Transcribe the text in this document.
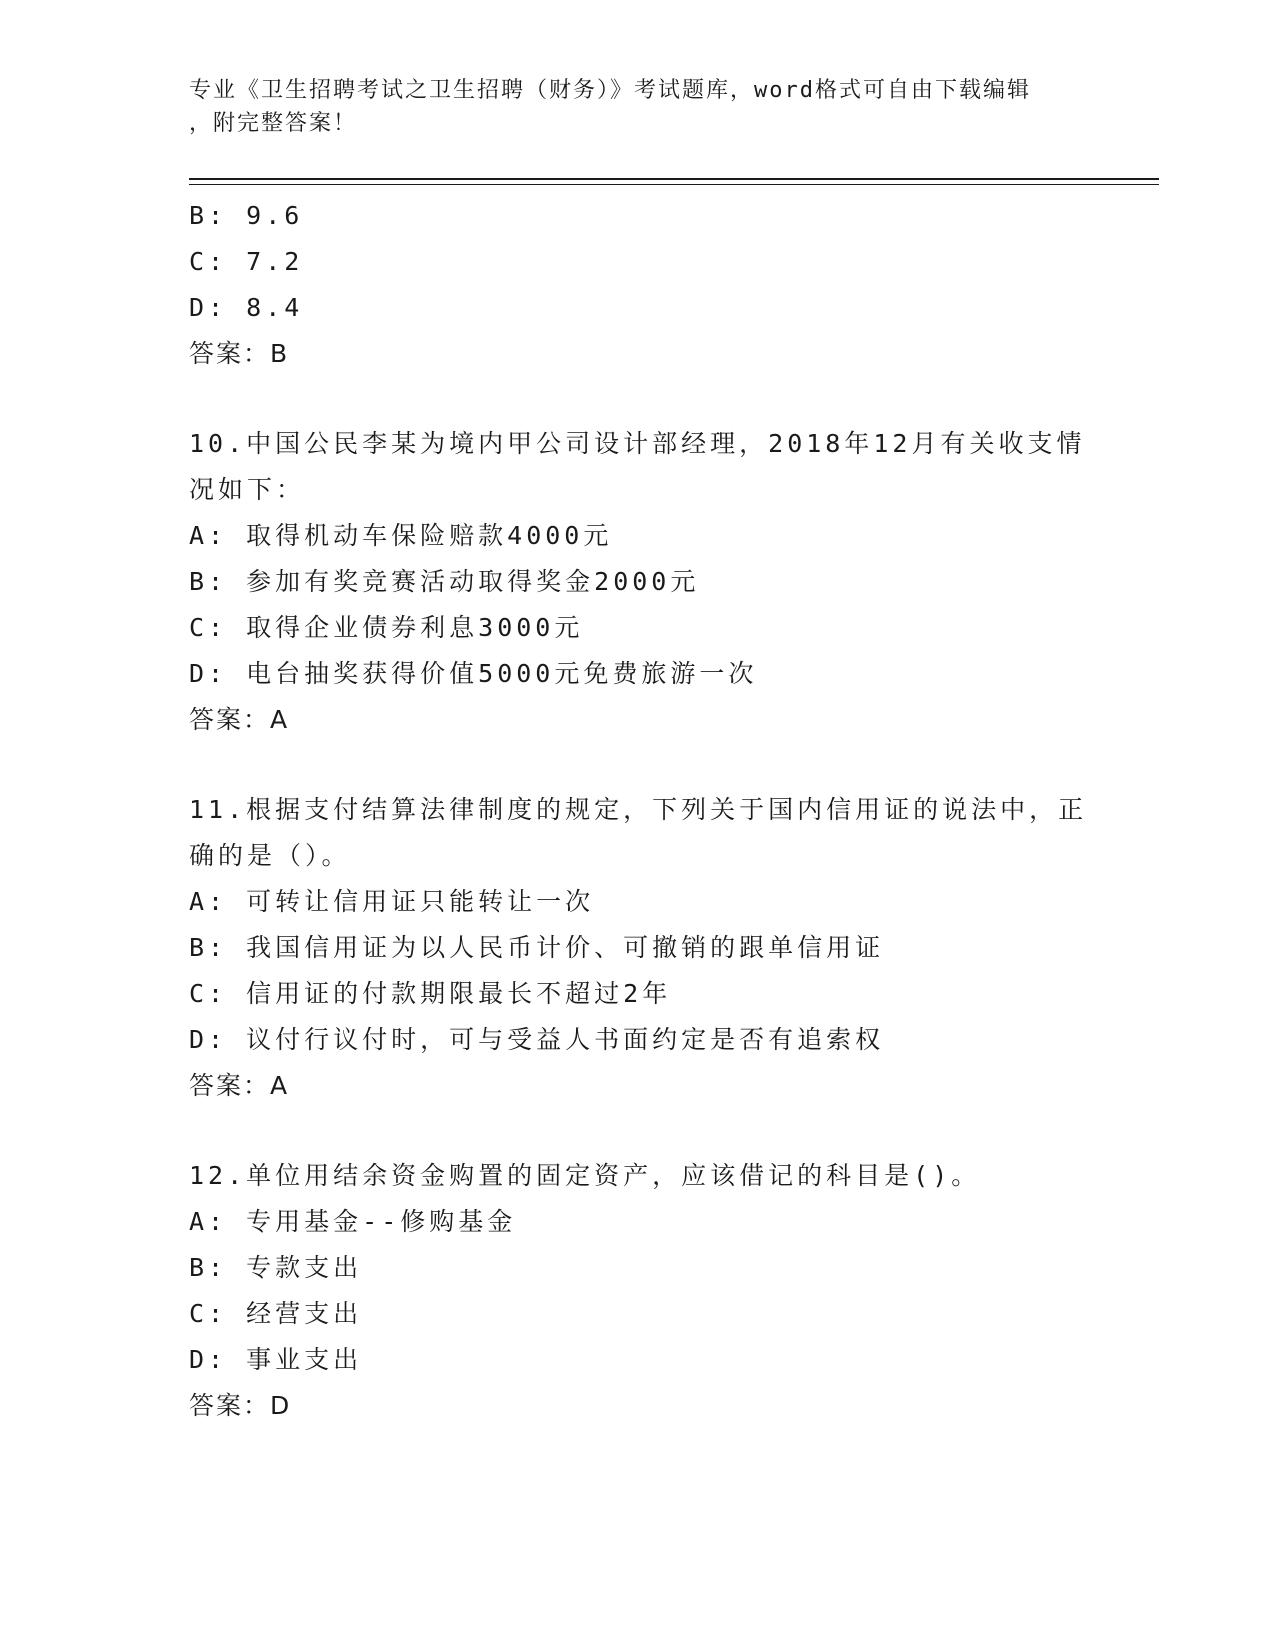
专业《卫生招聘考试之卫生招聘（财务）》考试题库，word格式可自由下载编辑
，附完整答案！
B: 9.6
C: 7.2
D: 8.4
答案：B
10.中国公民李某为境内甲公司设计部经理，2018年12月有关收支情
况如下：
A: 取得机动车保险赔款4000元
B: 参加有奖竞赛活动取得奖金2000元
C: 取得企业债券利息3000元
D: 电台抽奖获得价值5000元免费旅游一次
答案：A
11.根据支付结算法律制度的规定，下列关于国内信用证的说法中，正
确的是（）。
A: 可转让信用证只能转让一次
B: 我国信用证为以人民币计价、可撤销的跟单信用证
C: 信用证的付款期限最长不超过2年
D: 议付行议付时，可与受益人书面约定是否有追索权
答案：A
12.单位用结余资金购置的固定资产，应该借记的科目是()。
A: 专用基金--修购基金
B: 专款支出
C: 经营支出
D: 事业支出
答案：D
